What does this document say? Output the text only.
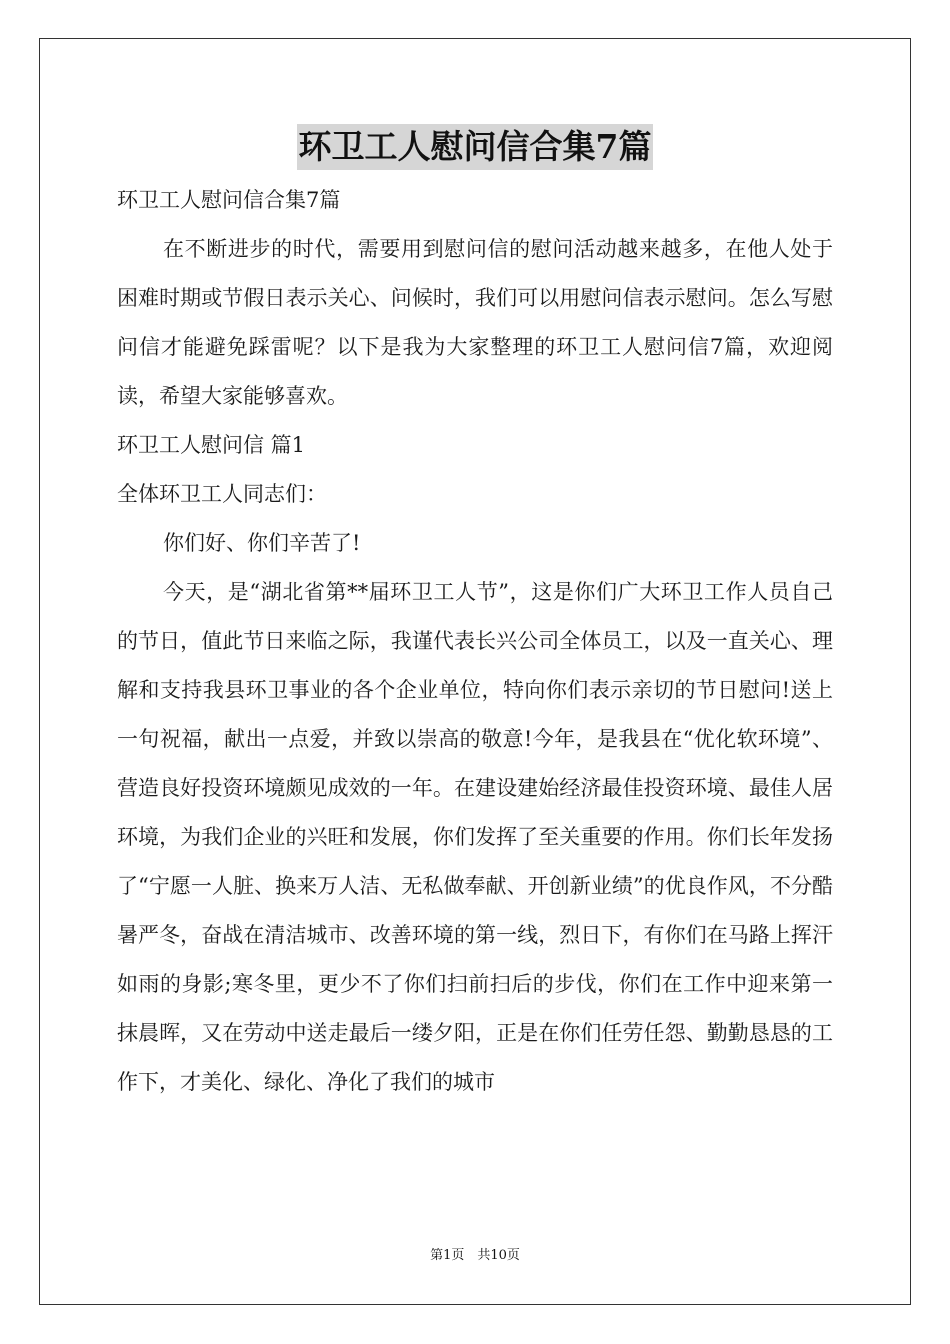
环卫工人慰问信合集7篇

环卫工人慰问信合集7篇

在不断进步的时代，需要用到慰问信的慰问活动越来越多，在他人处于困难时期或节假日表示关心、问候时，我们可以用慰问信表示慰问。怎么写慰问信才能避免踩雷呢？以下是我为大家整理的环卫工人慰问信7篇，欢迎阅读，希望大家能够喜欢。

环卫工人慰问信 篇1

全体环卫工人同志们：

你们好、你们辛苦了!

今天，是“湖北省第**届环卫工人节”，这是你们广大环卫工作人员自己的节日，值此节日来临之际，我谨代表长兴公司全体员工，以及一直关心、理解和支持我县环卫事业的各个企业单位，特向你们表示亲切的节日慰问!送上一句祝福，献出一点爱，并致以崇高的敬意!今年，是我县在“优化软环境”、营造良好投资环境颇见成效的一年。在建设建始经济最佳投资环境、最佳人居环境，为我们企业的兴旺和发展，你们发挥了至关重要的作用。你们长年发扬了“宁愿一人脏、换来万人洁、无私做奉献、开创新业绩”的优良作风，不分酷暑严冬，奋战在清洁城市、改善环境的第一线，烈日下，有你们在马路上挥汗如雨的身影;寒冬里，更少不了你们扫前扫后的步伐，你们在工作中迎来第一抹晨晖，又在劳动中送走最后一缕夕阳，正是在你们任劳任怨、勤勤恳恳的工作下，才美化、绿化、净化了我们的城市

第1页　共10页
